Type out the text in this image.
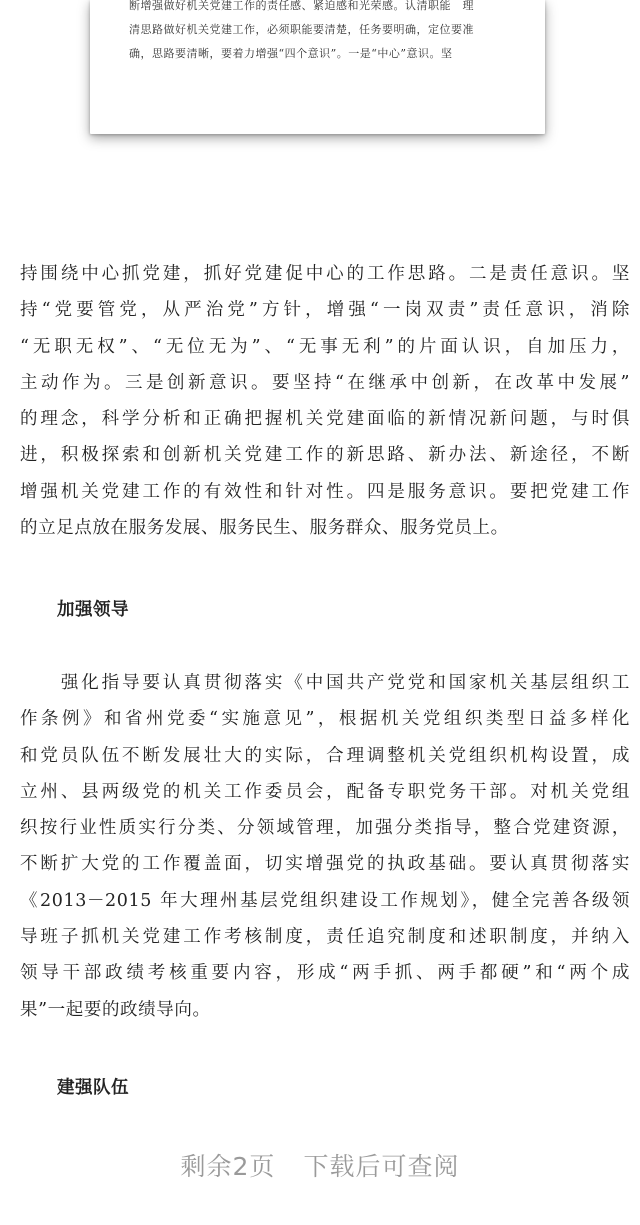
断增强做好机关党建工作的责任感、紧迫感和光荣感。认清职能　理
清思路做好机关党建工作，必须职能要清楚，任务要明确，定位要准
确，思路要清晰，要着力增强“四个意识”。一是“中心”意识。坚
持围绕中心抓党建，抓好党建促中心的工作思路。二是责任意识。坚
持“党要管党，从严治党”方针，增强“一岗双责”责任意识，消除
“无职无权”、“无位无为”、“无事无利”的片面认识，自加压力，
主动作为。三是创新意识。要坚持“在继承中创新，在改革中发展”
的理念，科学分析和正确把握机关党建面临的新情况新问题，与时俱
进，积极探索和创新机关党建工作的新思路、新办法、新途径，不断
增强机关党建工作的有效性和针对性。四是服务意识。要把党建工作
的立足点放在服务发展、服务民生、服务群众、服务党员上。
加强领导
　　强化指导要认真贯彻落实《中国共产党党和国家机关基层组织工
作条例》和省州党委“实施意见”，根据机关党组织类型日益多样化
和党员队伍不断发展壮大的实际，合理调整机关党组织机构设置，成
立州、县两级党的机关工作委员会，配备专职党务干部。对机关党组
织按行业性质实行分类、分领域管理，加强分类指导，整合党建资源，
不断扩大党的工作覆盖面，切实增强党的执政基础。要认真贯彻落实
《2013－2015 年大理州基层党组织建设工作规划》，健全完善各级领
导班子抓机关党建工作考核制度，责任追究制度和述职制度，并纳入
领导干部政绩考核重要内容，形成“两手抓、两手都硬”和“两个成
果”一起要的政绩导向。
建强队伍
剩余2页 下载后可查阅
